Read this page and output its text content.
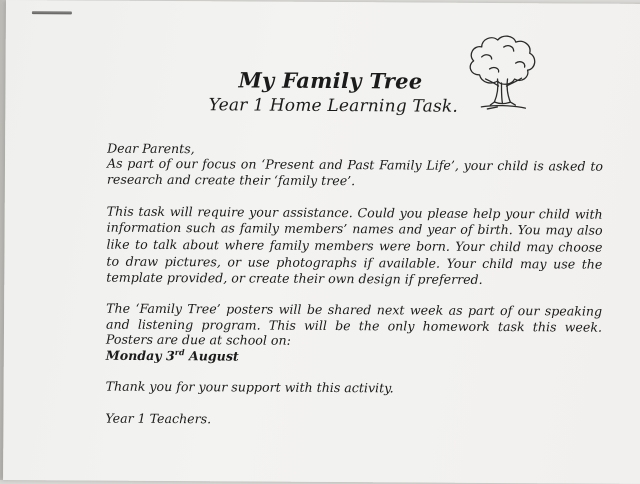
My Family Tree
Year 1 Home Learning Task.
Dear Parents,
As part of our focus on ‘Present and Past Family Life’, your child is asked to
research and create their ‘family tree’.
This task will require your assistance. Could you please help your child with
information such as family members’ names and year of birth. You may also
like to talk about where family members were born. Your child may choose
to draw pictures, or use photographs if available. Your child may use the
template provided, or create their own design if preferred.
The ‘Family Tree’ posters will be shared next week as part of our speaking
and listening program. This will be the only homework task this week.
Posters are due at school on:
Monday 3rd August
Thank you for your support with this activity.
Year 1 Teachers.
